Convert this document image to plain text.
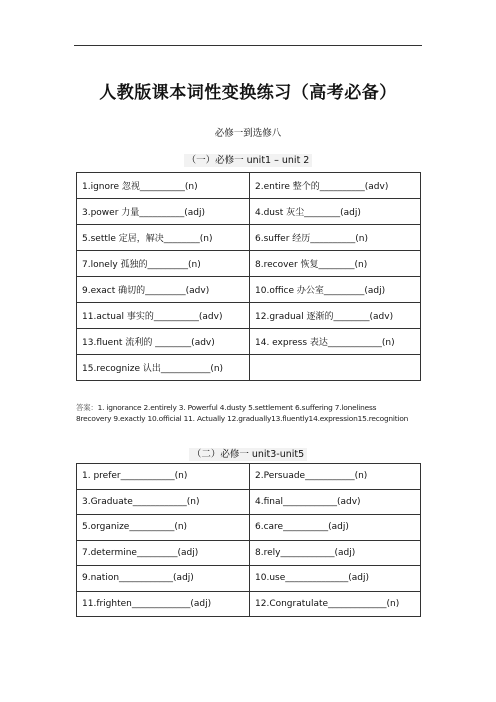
人教版课本词性变换练习（高考必备）
必修一到选修八
（一）必修一 unit1 – unit 2
1.ignore 忽视__________(n)	2.entire 整个的__________(adv)
3.power 力量__________(adj)	4.dust 灰尘________(adj)
5.settle 定居，解决________(n)	6.suffer 经历__________(n)
7.lonely 孤独的_________(n)	8.recover 恢复________(n)
9.exact 确切的_________(adv)	10.office 办公室_________(adj)
11.actual 事实的__________(adv)	12.gradual 逐渐的________(adv)
13.fluent 流利的 ________(adv)	14. express 表达____________(n)
15.recognize 认出___________(n)	
答案：1. ignorance 2.entirely 3. Powerful 4.dusty 5.settlement 6.suffering 7.loneliness
8recovery 9.exactly 10.official 11. Actually 12.gradually13.fluently14.expression15.recognition
（二）必修一 unit3-unit5
1. prefer____________(n)	2.Persuade___________(n)
3.Graduate____________(n)	4.final____________(adv)
5.organize__________(n)	6.care__________(adj)
7.determine_________(adj)	8.rely____________(adj)
9.nation____________(adj)	10.use______________(adj)
11.frighten_____________(adj)	12.Congratulate_____________(n)
